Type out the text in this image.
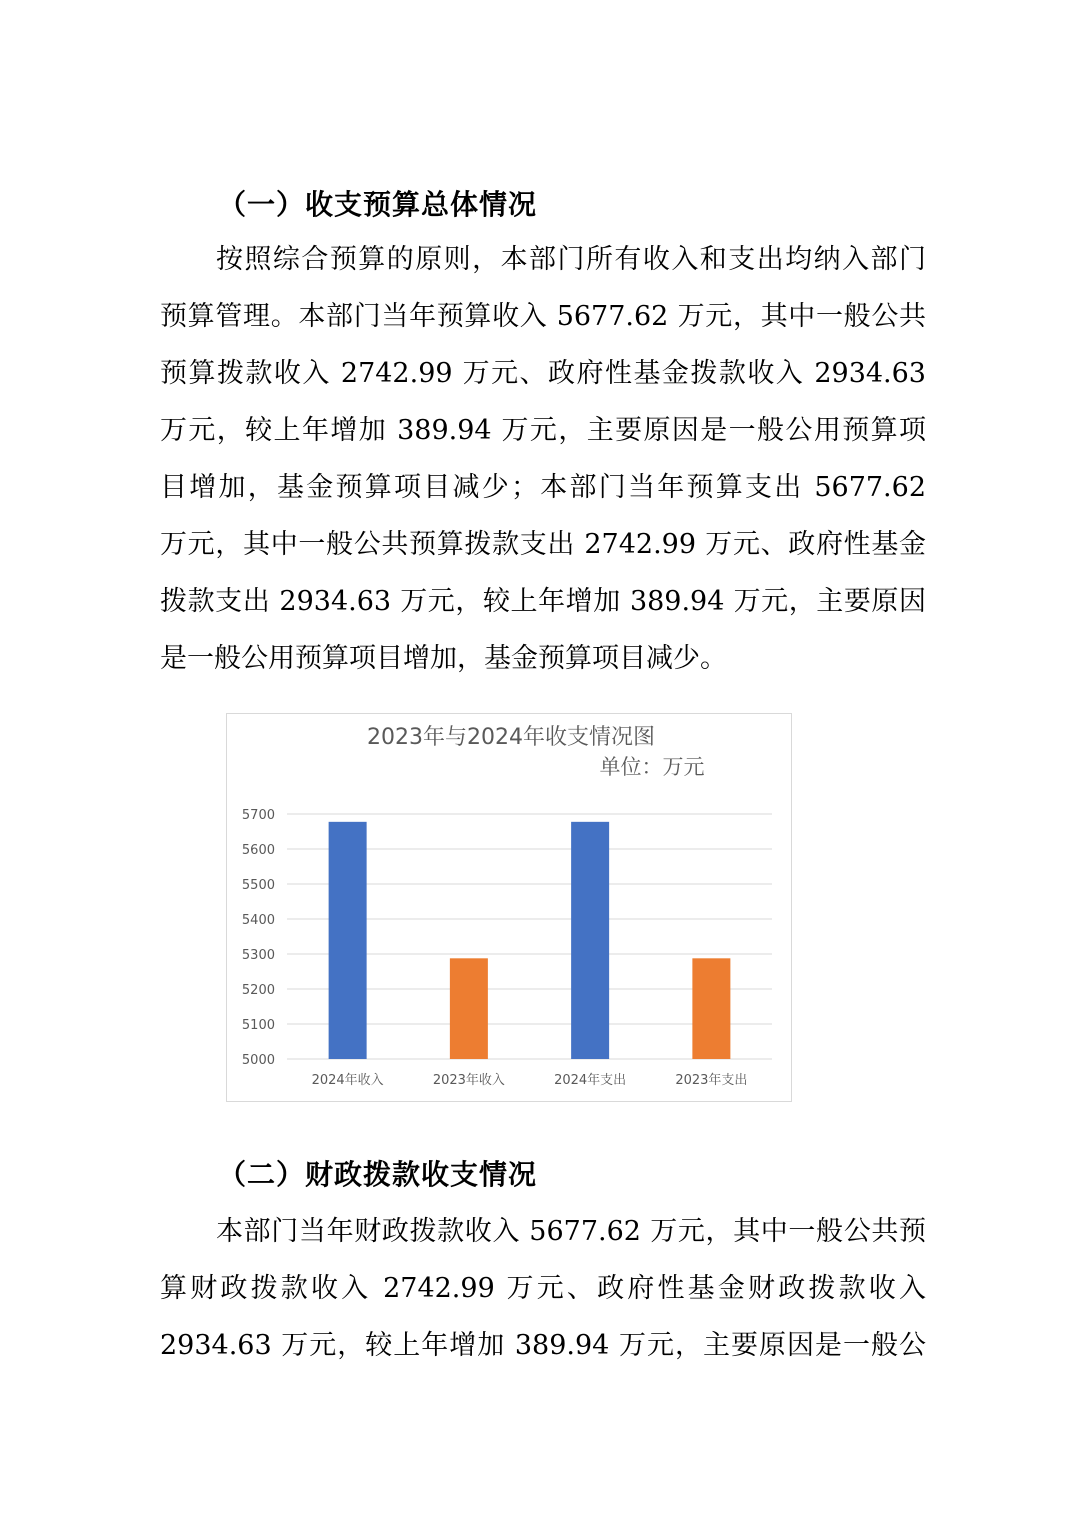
（一）收支预算总体情况
按照综合预算的原则，本部门所有收入和支出均纳入部门
预算管理。本部门当年预算收入 5677.62 万元，其中一般公共
预算拨款收入 2742.99 万元、政府性基金拨款收入 2934.63
万元，较上年增加 389.94 万元，主要原因是一般公用预算项
目增加，基金预算项目减少；本部门当年预算支出 5677.62
万元，其中一般公共预算拨款支出 2742.99 万元、政府性基金
拨款支出 2934.63 万元，较上年增加 389.94 万元，主要原因
是一般公用预算项目增加，基金预算项目减少。
2023年与2024年收支情况图
单位：万元
5000
5100
5200
5300
5400
5500
5600
5700
2024年收入	2023年收入	2024年支出	2023年支出
（二）财政拨款收支情况
本部门当年财政拨款收入 5677.62 万元，其中一般公共预
算财政拨款收入 2742.99 万元、政府性基金财政拨款收入
2934.63 万元，较上年增加 389.94 万元，主要原因是一般公
